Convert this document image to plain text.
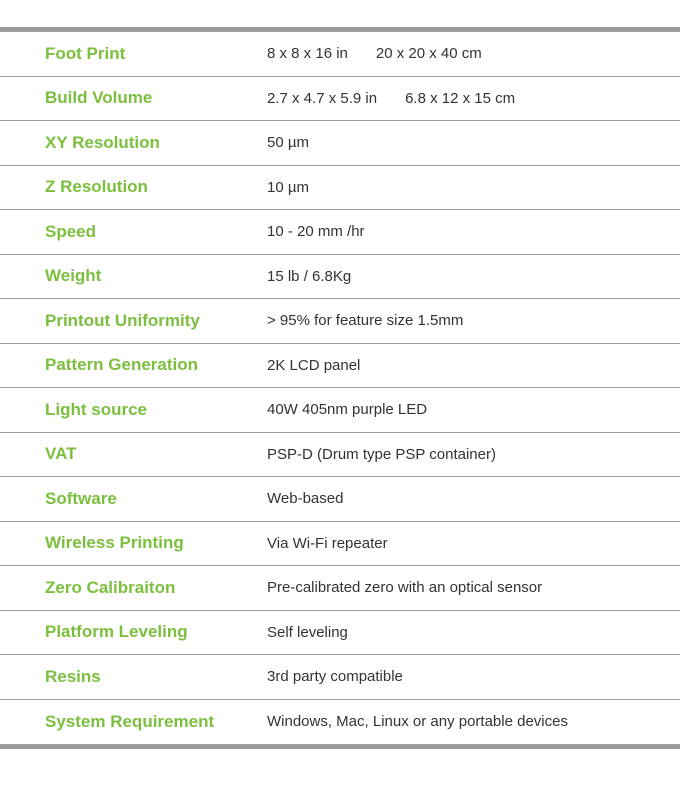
Foot Print	8 x 8 x 16 in 20 x 20 x 40 cm
Build Volume	2.7 x 4.7 x 5.9 in 6.8 x 12 x 15 cm
XY Resolution	50 µm
Z Resolution	10 µm
Speed	10 - 20 mm /hr
Weight	15 lb / 6.8Kg
Printout Uniformity	> 95% for feature size 1.5mm
Pattern Generation	2K LCD panel
Light source	40W 405nm purple LED
VAT	PSP-D (Drum type PSP container)
Software	Web-based
Wireless Printing	Via Wi-Fi repeater
Zero Calibraiton	Pre-calibrated zero with an optical sensor
Platform Leveling	Self leveling
Resins	3rd party compatible
System Requirement	Windows, Mac, Linux or any portable devices
